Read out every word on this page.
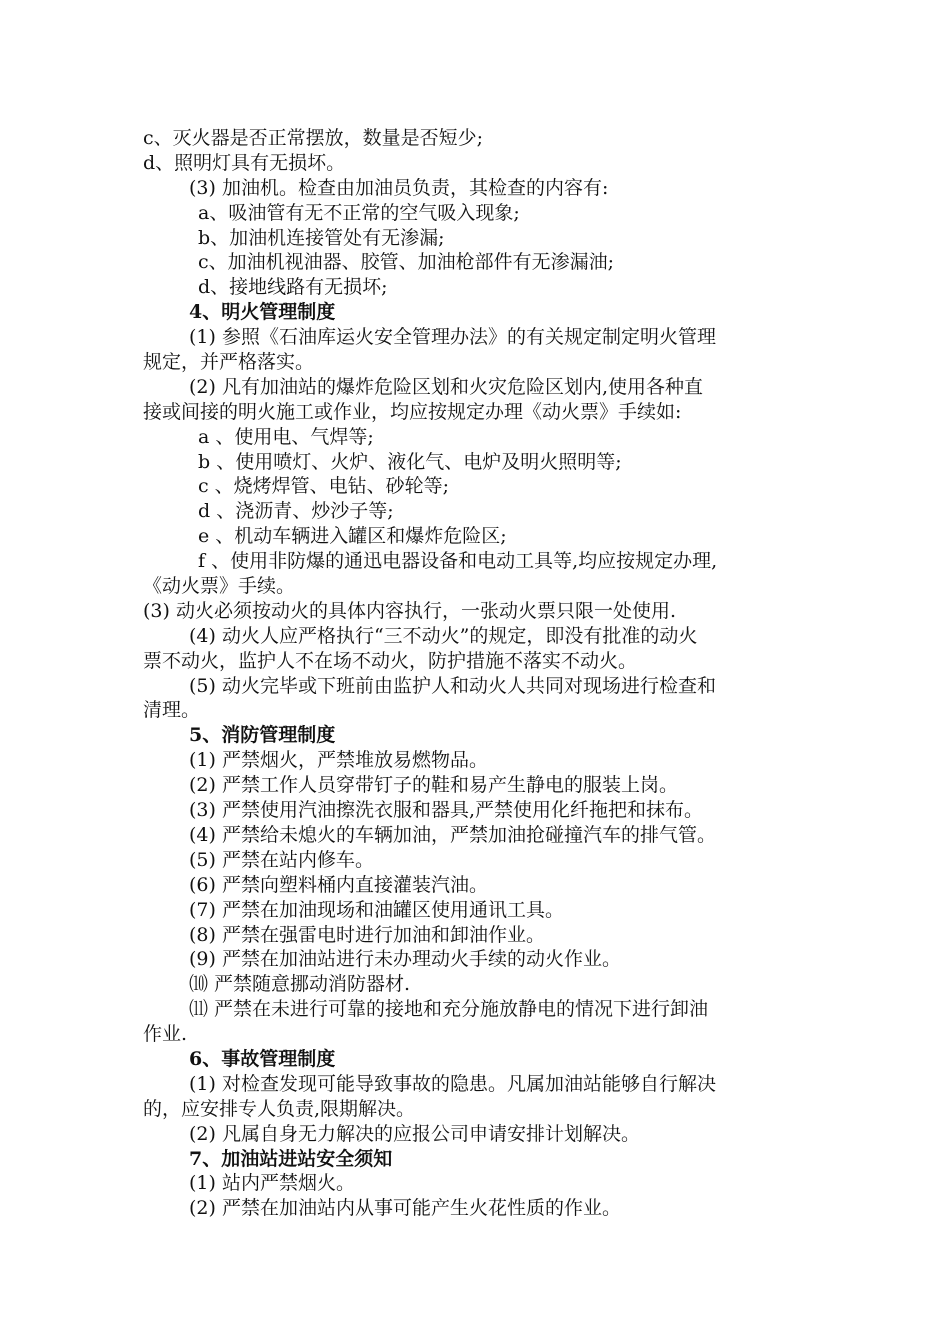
c、灭火器是否正常摆放，数量是否短少;
d、照明灯具有无损坏。
(3) 加油机。检查由加油员负责，其检查的内容有:
a、吸油管有无不正常的空气吸入现象;
b、加油机连接管处有无渗漏;
c、加油机视油器、胶管、加油枪部件有无渗漏油;
d、接地线路有无损坏;
4、明火管理制度
(1) 参照《石油库运火安全管理办法》的有关规定制定明火管理
规定，并严格落实。
(2) 凡有加油站的爆炸危险区划和火灾危险区划内,使用各种直
接或间接的明火施工或作业，均应按规定办理《动火票》手续如:
a 、使用电、气焊等;
b 、使用喷灯、火炉、液化气、电炉及明火照明等;
c 、烧烤焊管、电钻、砂轮等;
d 、浇沥青、炒沙子等;
e 、机动车辆进入罐区和爆炸危险区;
f 、使用非防爆的通迅电器设备和电动工具等,均应按规定办理,
《动火票》手续。
(3) 动火必须按动火的具体内容执行，一张动火票只限一处使用.
(4) 动火人应严格执行“三不动火”的规定，即没有批准的动火
票不动火，监护人不在场不动火，防护措施不落实不动火。
(5) 动火完毕或下班前由监护人和动火人共同对现场进行检查和
清理。
5、消防管理制度
(1) 严禁烟火，严禁堆放易燃物品。
(2) 严禁工作人员穿带钉子的鞋和易产生静电的服装上岗。
(3) 严禁使用汽油擦洗衣服和器具,严禁使用化纤拖把和抹布。
(4) 严禁给未熄火的车辆加油，严禁加油抢碰撞汽车的排气管。
(5) 严禁在站内修车。
(6) 严禁向塑料桶内直接灌装汽油。
(7) 严禁在加油现场和油罐区使用通讯工具。
(8) 严禁在强雷电时进行加油和卸油作业。
(9) 严禁在加油站进行未办理动火手续的动火作业。
⑽ 严禁随意挪动消防器材.
⑾ 严禁在未进行可靠的接地和充分施放静电的情况下进行卸油
作业.
6、事故管理制度
(1) 对检查发现可能导致事故的隐患。凡属加油站能够自行解决
的，应安排专人负责,限期解决。
(2) 凡属自身无力解决的应报公司申请安排计划解决。
7、加油站进站安全须知
(1) 站内严禁烟火。
(2) 严禁在加油站内从事可能产生火花性质的作业。
